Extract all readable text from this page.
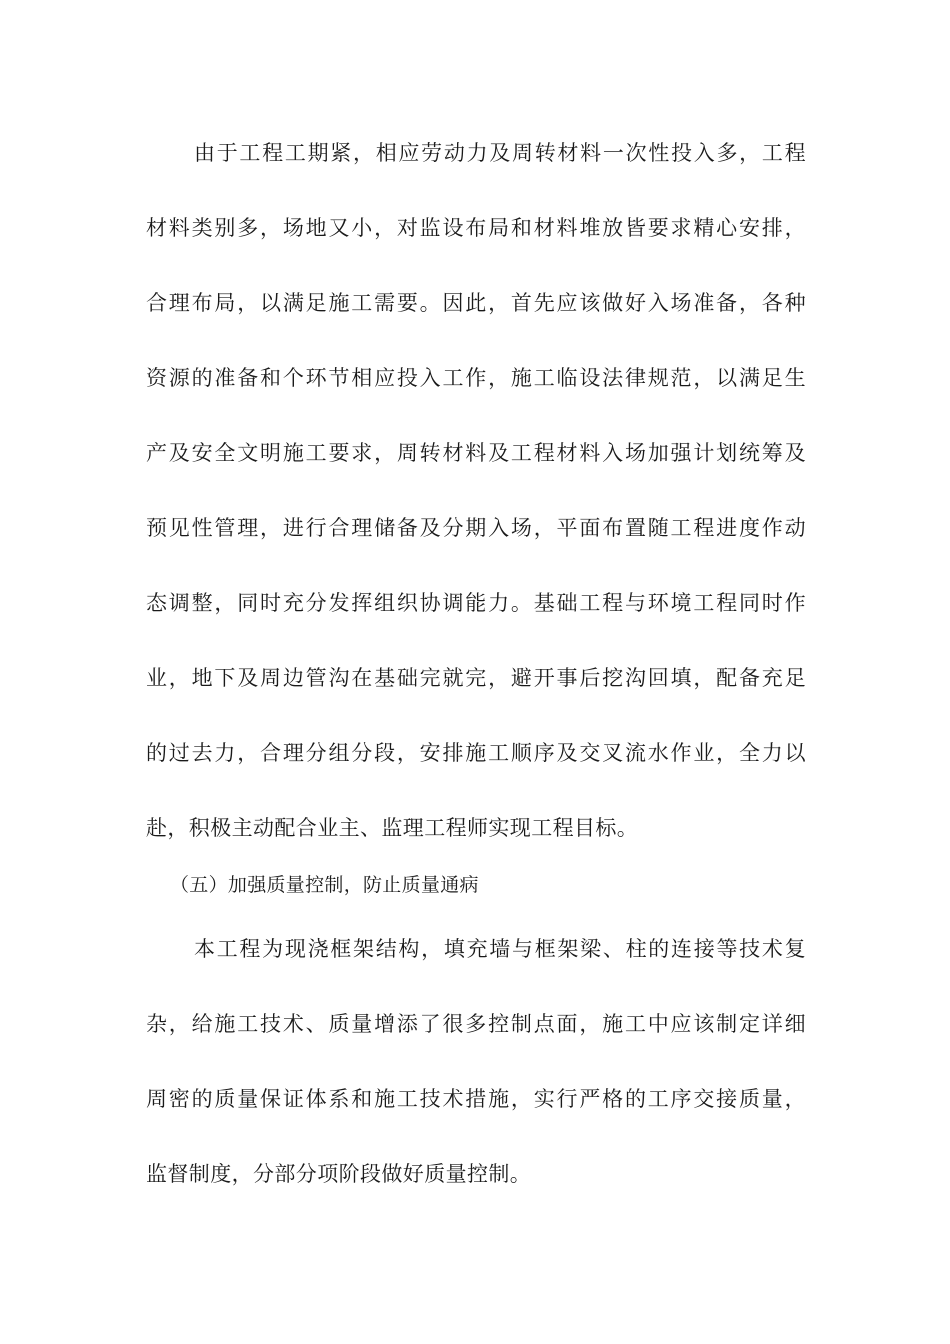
由于工程工期紧，相应劳动力及周转材料一次性投入多，工程
材料类别多，场地又小，对监设布局和材料堆放皆要求精心安排，
合理布局，以满足施工需要。因此，首先应该做好入场准备，各种
资源的准备和个环节相应投入工作，施工临设法律规范，以满足生
产及安全文明施工要求，周转材料及工程材料入场加强计划统筹及
预见性管理，进行合理储备及分期入场，平面布置随工程进度作动
态调整，同时充分发挥组织协调能力。基础工程与环境工程同时作
业，地下及周边管沟在基础完就完，避开事后挖沟回填，配备充足
的过去力，合理分组分段，安排施工顺序及交叉流水作业，全力以
赴，积极主动配合业主、监理工程师实现工程目标。
（五）加强质量控制，防止质量通病
本工程为现浇框架结构，填充墙与框架梁、柱的连接等技术复
杂，给施工技术、质量增添了很多控制点面，施工中应该制定详细
周密的质量保证体系和施工技术措施，实行严格的工序交接质量，
监督制度，分部分项阶段做好质量控制。
